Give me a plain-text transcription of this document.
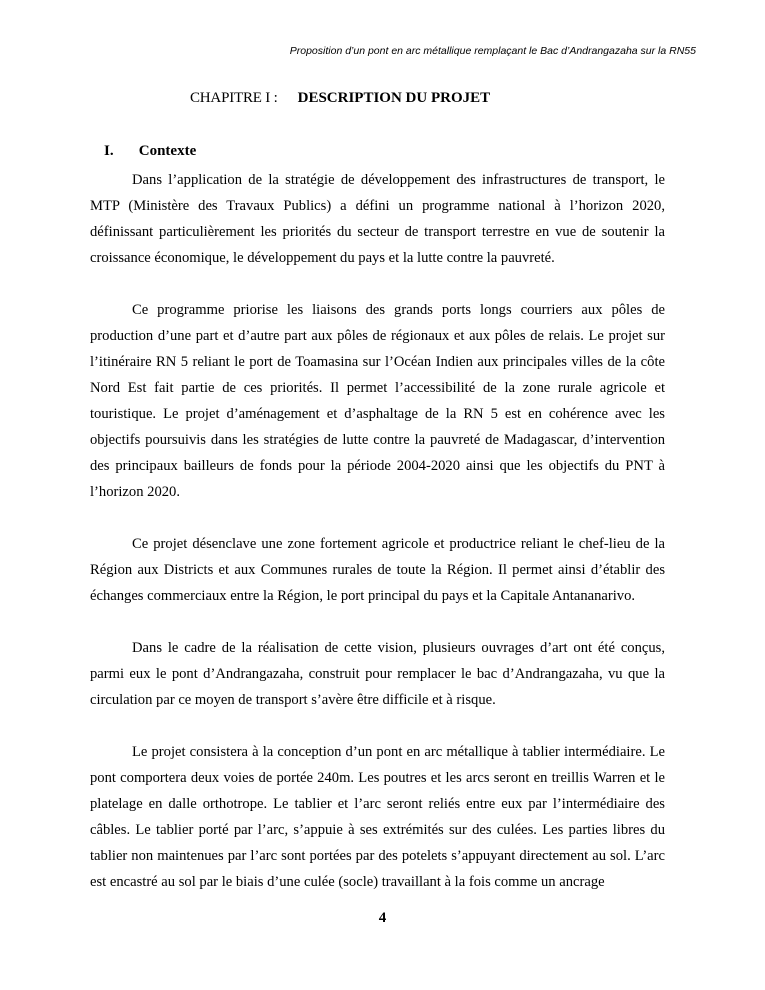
Proposition d’un pont en arc métallique remplaçant le Bac d’Andrangazaha sur la RN55
CHAPITRE I : DESCRIPTION DU PROJET
I. Contexte

Dans l’application de la stratégie de développement des infrastructures de transport, le MTP (Ministère des Travaux Publics) a défini un programme national à l’horizon 2020, définissant particulièrement les priorités du secteur de transport terrestre en vue de soutenir la croissance économique, le développement du pays et la lutte contre la pauvreté.

Ce programme priorise les liaisons des grands ports longs courriers aux pôles de production d’une part et d’autre part aux pôles de régionaux et aux pôles de relais. Le projet sur l’itinéraire RN 5 reliant le port de Toamasina sur l’Océan Indien aux principales villes de la côte Nord Est fait partie de ces priorités. Il permet l’accessibilité de la zone rurale agricole et touristique. Le projet d’aménagement et d’asphaltage de la RN 5 est en cohérence avec les objectifs poursuivis dans les stratégies de lutte contre la pauvreté de Madagascar, d’intervention des principaux bailleurs de fonds pour la période 2004-2020 ainsi que les objectifs du PNT à l’horizon 2020.

Ce projet désenclave une zone fortement agricole et productrice reliant le chef-lieu de la Région aux Districts et aux Communes rurales de toute la Région. Il permet ainsi d’établir des échanges commerciaux entre la Région, le port principal du pays et la Capitale Antananarivo.

Dans le cadre de la réalisation de cette vision, plusieurs ouvrages d’art ont été conçus, parmi eux le pont d’Andrangazaha, construit pour remplacer le bac d’Andrangazaha, vu que la circulation par ce moyen de transport s’avère être difficile et à risque.

Le projet consistera à la conception d’un pont en arc métallique à tablier intermédiaire. Le pont comportera deux voies de portée 240m. Les poutres et les arcs seront en treillis Warren et le platelage en dalle orthotrope. Le tablier et l’arc seront reliés entre eux par l’intermédiaire des câbles. Le tablier porté par l’arc, s’appuie à ses extrémités sur des culées. Les parties libres du tablier non maintenues par l’arc sont portées par des potelets s’appuyant directement au sol. L’arc est encastré au sol par le biais d’une culée (socle) travaillant à la fois comme un ancrage

4
